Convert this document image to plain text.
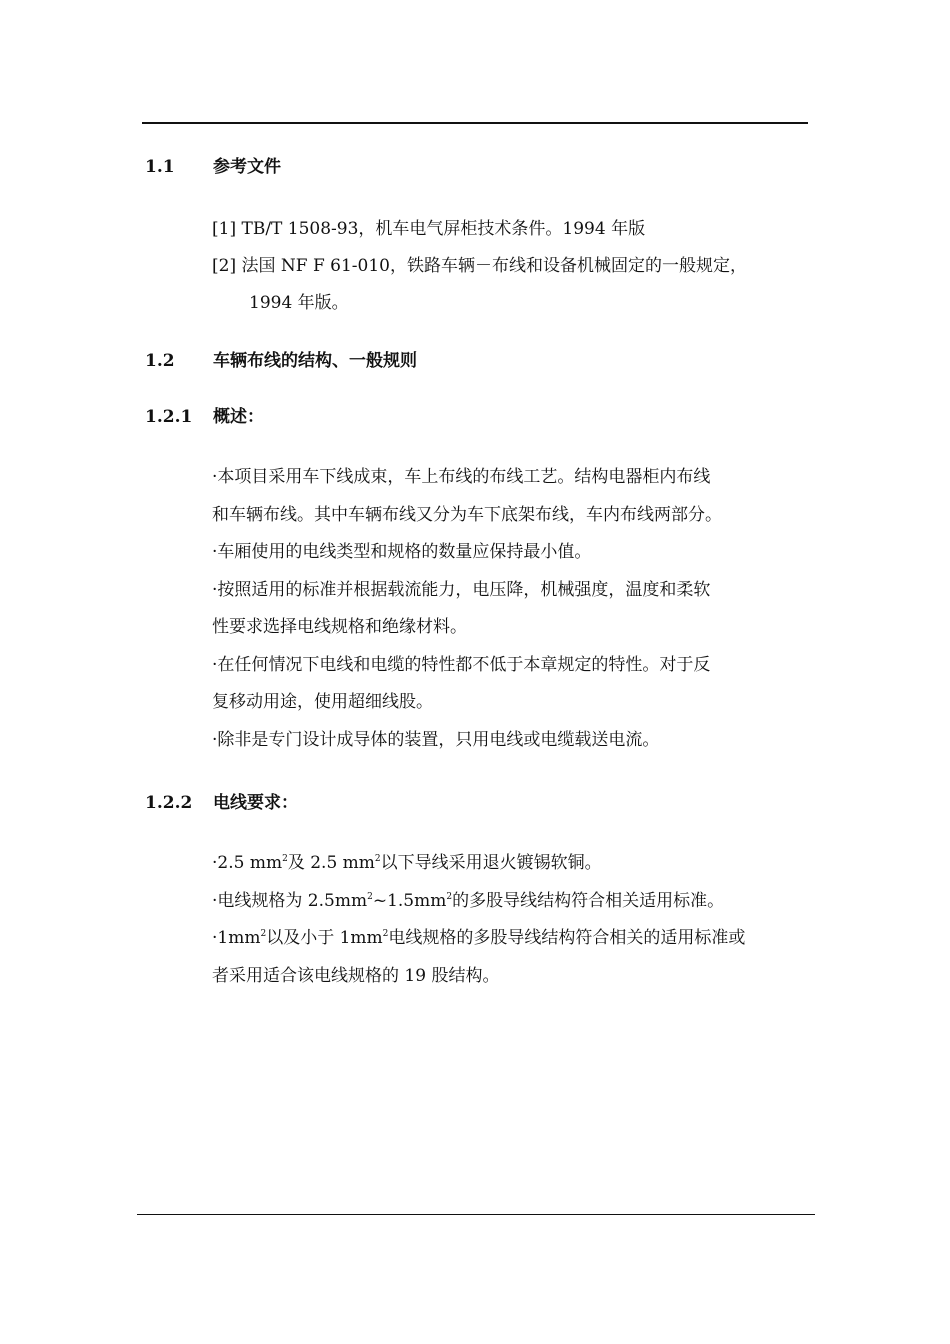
1.1 参考文件

[1] TB/T 1508-93，机车电气屏柜技术条件。1994 年版

[2] 法国 NF F 61-010，铁路车辆－布线和设备机械固定的一般规定，

1994 年版。

1.2 车辆布线的结构、一般规则
1.2.1 概述：

·本项目采用车下线成束，车上布线的布线工艺。结构电器柜内布线

和车辆布线。其中车辆布线又分为车下底架布线，车内布线两部分。

·车厢使用的电线类型和规格的数量应保持最小值。

·按照适用的标准并根据载流能力，电压降，机械强度，温度和柔软

性要求选择电线规格和绝缘材料。

·在任何情况下电线和电缆的特性都不低于本章规定的特性。对于反

复移动用途，使用超细线股。

·除非是专门设计成导体的装置，只用电线或电缆载送电流。

1.2.2 电线要求：

·2.5 $mm^2$及 2.5 $mm^2$以下导线采用退火镀锡软铜。

·电线规格为 $2.5mm^2\sim 1.5mm^2$的多股导线结构符合相关适用标准。

$\cdot 1mm^2$以及小于 $1mm^2$电线规格的多股导线结构符合相关的适用标准或

者采用适合该电线规格的 19 股结构。
